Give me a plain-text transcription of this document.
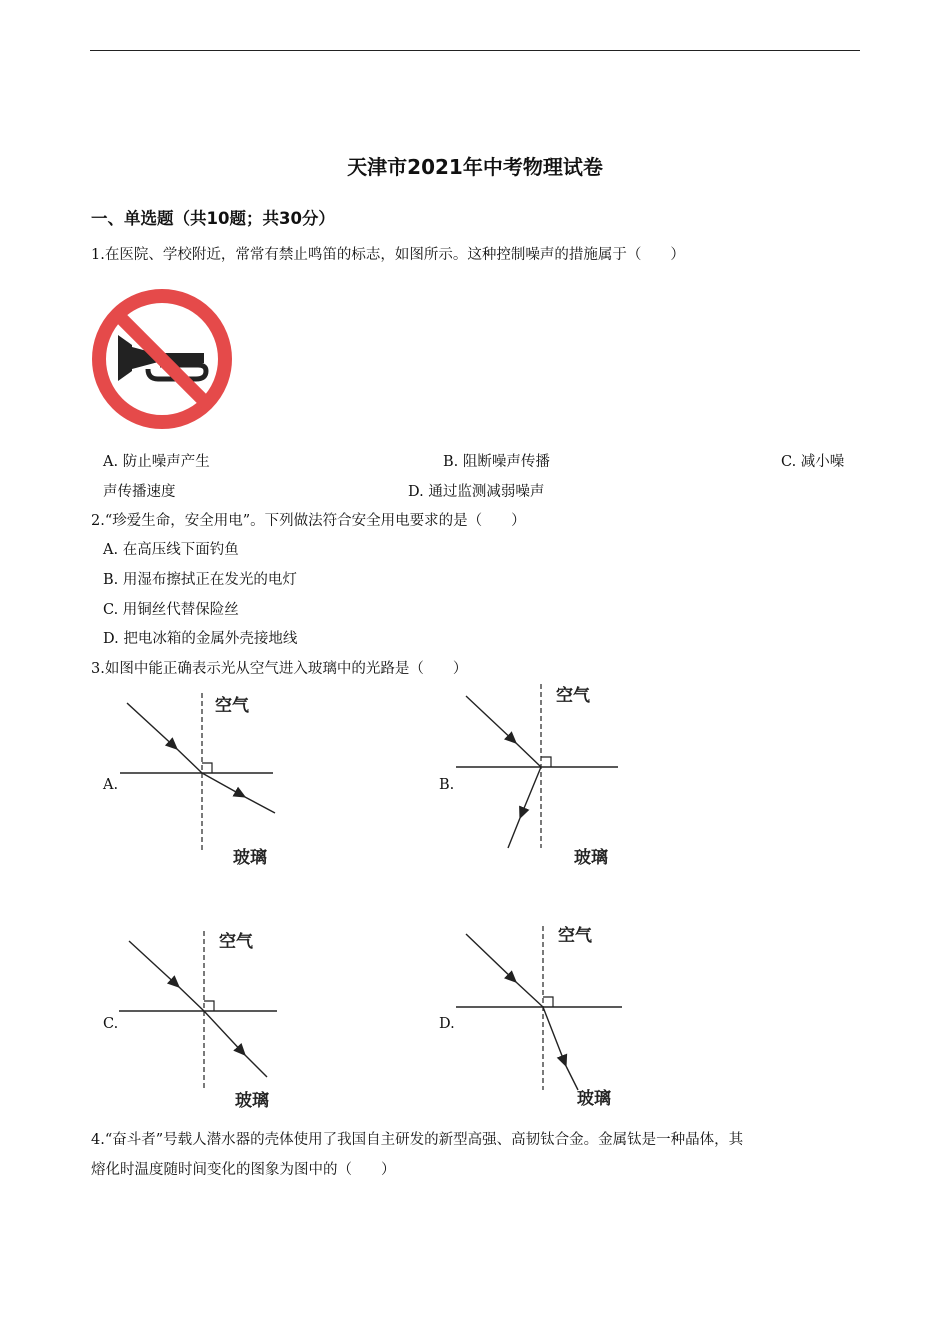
天津市2021年中考物理试卷
一、单选题（共10题；共30分）
1.在医院、学校附近，常常有禁止鸣笛的标志，如图所示。这种控制噪声的措施属于（　　）
A. 防止噪声产生	B. 阻断噪声传播	C. 减小噪
声传播速度	D. 通过监测减弱噪声
2.“珍爱生命，安全用电”。下列做法符合安全用电要求的是（　　）
A. 在高压线下面钓鱼
B. 用湿布擦拭正在发光的电灯
C. 用铜丝代替保险丝
D. 把电冰箱的金属外壳接地线
3.如图中能正确表示光从空气进入玻璃中的光路是（　　）
A.
空气
玻璃
B.
空气
玻璃
C.
空气
玻璃
D.
空气
玻璃
4.“奋斗者”号载人潜水器的壳体使用了我国自主研发的新型高强、高韧钛合金。金属钛是一种晶体，其
熔化时温度随时间变化的图象为图中的（　　）
